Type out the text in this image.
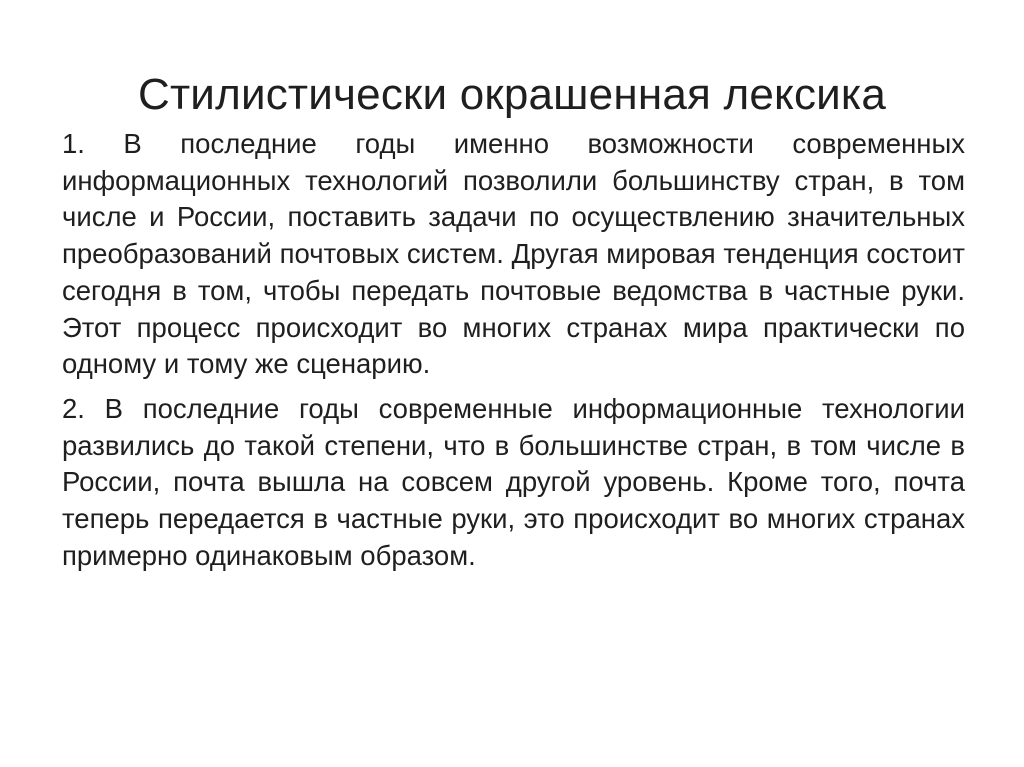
Стилистически окрашенная лексика

1. В последние годы именно возможности современных информационных технологий позволили большинству стран, в том числе и России, поставить задачи по осуществлению значительных преобразований почтовых систем. Другая мировая тенденция состоит сегодня в том, чтобы передать почтовые ведомства в частные руки. Этот процесс происходит во многих странах мира практически по одному и тому же сценарию.

2. В последние годы современные информационные технологии развились до такой степени, что в большинстве стран, в том числе в России, почта вышла на совсем другой уровень. Кроме того, почта теперь передается в частные руки, это происходит во многих странах примерно одинаковым образом.
